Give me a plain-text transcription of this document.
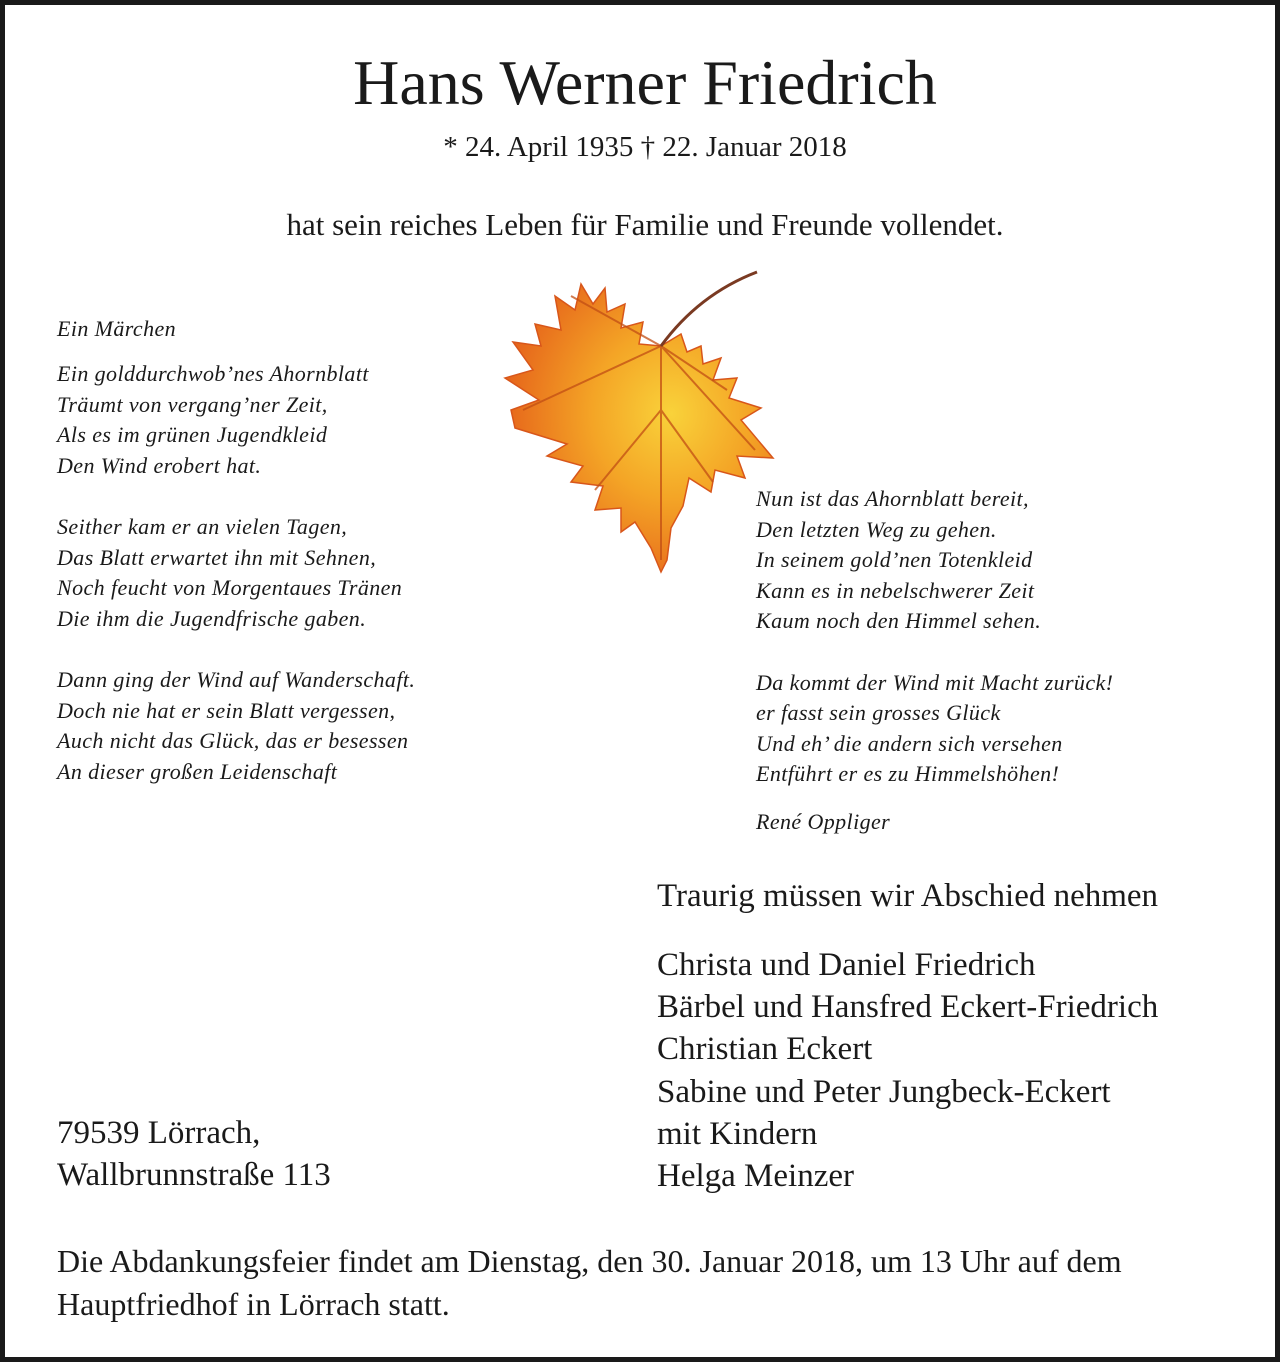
Hans Werner Friedrich
* 24. April 1935 † 22. Januar 2018
hat sein reiches Leben für Familie und Freunde vollendet.
Ein Märchen
Ein golddurchwob’nes Ahornblatt
Träumt von vergang’ner Zeit,
Als es im grünen Jugendkleid
Den Wind erobert hat.
Seither kam er an vielen Tagen,
Das Blatt erwartet ihn mit Sehnen,
Noch feucht von Morgentaues Tränen
Die ihm die Jugendfrische gaben.
Dann ging der Wind auf Wanderschaft.
Doch nie hat er sein Blatt vergessen,
Auch nicht das Glück, das er besessen
An dieser großen Leidenschaft
Nun ist das Ahornblatt bereit,
Den letzten Weg zu gehen.
In seinem gold’nen Totenkleid
Kann es in nebelschwerer Zeit
Kaum noch den Himmel sehen.
Da kommt der Wind mit Macht zurück!
er fasst sein grosses Glück
Und eh’ die andern sich versehen
Entführt er es zu Himmelshöhen!
René Oppliger
Traurig müssen wir Abschied nehmen
Christa und Daniel Friedrich
Bärbel und Hansfred Eckert-Friedrich
Christian Eckert
Sabine und Peter Jungbeck-Eckert
mit Kindern
Helga Meinzer
79539 Lörrach,
Wallbrunnstraße 113
Die Abdankungsfeier findet am Dienstag, den 30. Januar 2018, um 13 Uhr auf dem
Hauptfriedhof in Lörrach statt.
